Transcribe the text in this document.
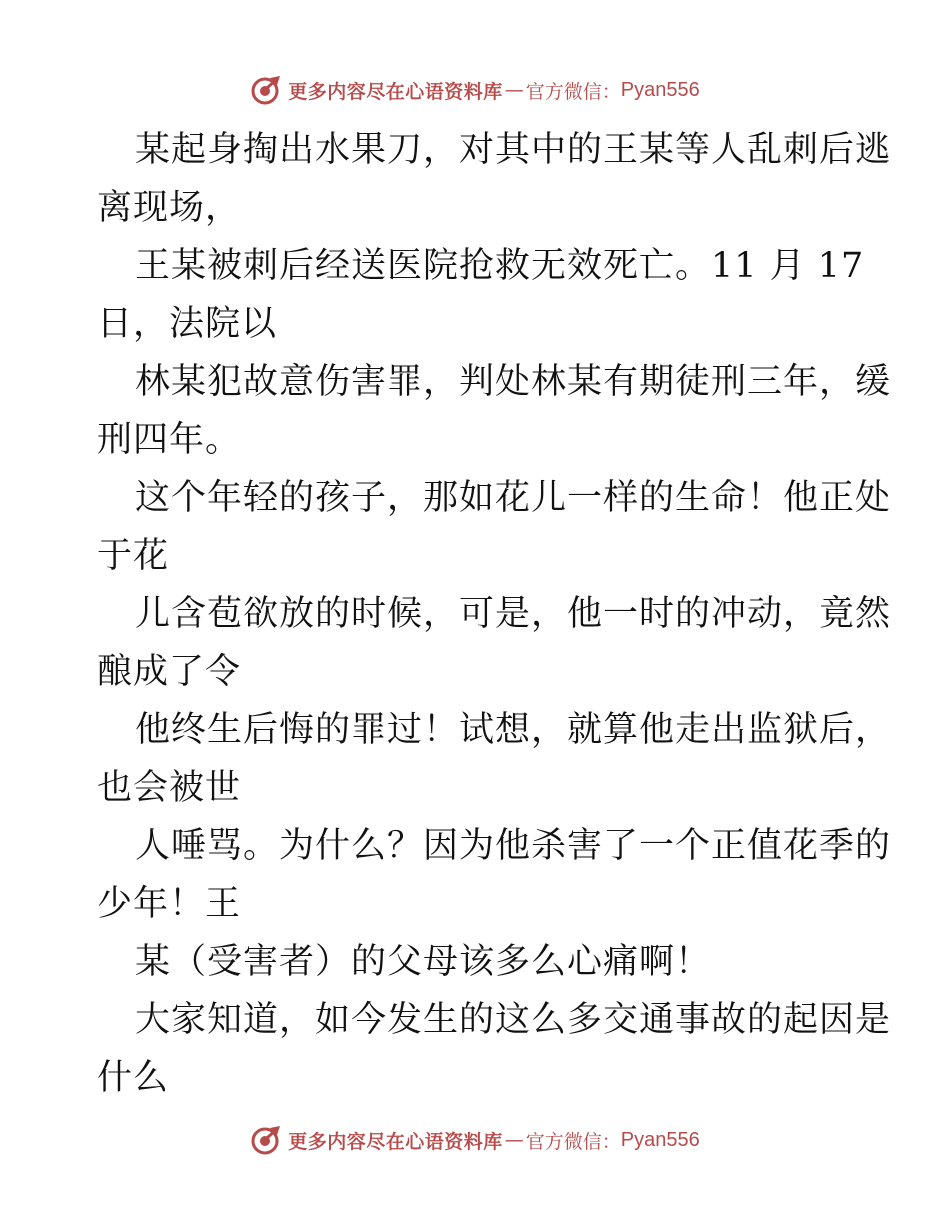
更多内容尽在心语资料库 — 官方微信： Pyan556
某起身掏出水果刀，对其中的王某等人乱刺后逃
离现场，
王某被刺后经送医院抢救无效死亡。11 月 17
日，法院以
林某犯故意伤害罪，判处林某有期徒刑三年，缓
刑四年。
这个年轻的孩子，那如花儿一样的生命！他正处
于花
儿含苞欲放的时候，可是，他一时的冲动，竟然
酿成了令
他终生后悔的罪过！试想，就算他走出监狱后，
也会被世
人唾骂。为什么？因为他杀害了一个正值花季的
少年！王
某（受害者）的父母该多么心痛啊！
大家知道，如今发生的这么多交通事故的起因是
什么
更多内容尽在心语资料库 — 官方微信： Pyan556
